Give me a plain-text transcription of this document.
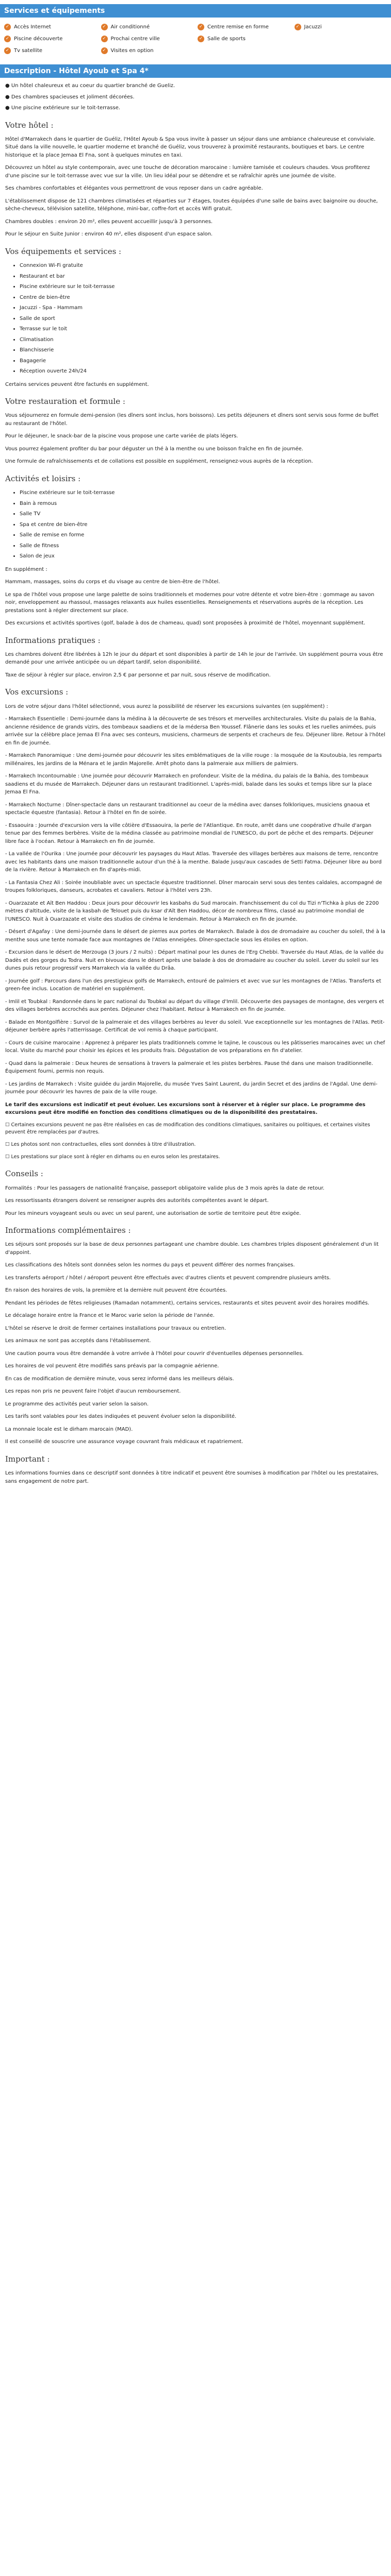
Services et équipements
✓ Accès Internet	✓ Air conditionné	✓ Centre remise en forme	✓ Jacuzzi
✓ Piscine découverte	✓ Prochai centre ville	✓ Salle de sports
✓ Tv satellite	✓ Visites en option
Description - Hôtel Ayoub et Spa 4*

● Un hôtel chaleureux et au coeur du quartier branché de Gueliz.

● Des chambres spacieuses et joliment décorées.

● Une piscine extérieure sur le toit-terrasse.

Votre hôtel :

Hôtel d'Marrakech dans le quartier de Guéliz, l'Hôtel Ayoub & Spa vous invite à passer un séjour dans une ambiance chaleureuse et conviviale. Situé dans la ville nouvelle, le quartier moderne et branché de Guéliz, vous trouverez à proximité restaurants, boutiques et bars. Le centre historique et la place Jemaa El Fna, sont à quelques minutes en taxi.

Découvrez un hôtel au style contemporain, avec une touche de décoration marocaine : lumière tamisée et couleurs chaudes. Vous profiterez d'une piscine sur le toit-terrasse avec vue sur la ville. Un lieu idéal pour se détendre et se rafraîchir après une journée de visite.

Ses chambres confortables et élégantes vous permettront de vous reposer dans un cadre agréable.

L'établissement dispose de 121 chambres climatisées et réparties sur 7 étages, toutes équipées d'une salle de bains avec baignoire ou douche, sèche-cheveux, télévision satellite, téléphone, mini-bar, coffre-fort et accès Wifi gratuit.

Chambres doubles : environ 20 m², elles peuvent accueillir jusqu'à 3 personnes.

Pour le séjour en Suite Junior : environ 40 m², elles disposent d'un espace salon.

Vos équipements et services :
• Connexion Wi-Fi gratuite
• Restaurant et bar
• Piscine extérieure sur le toit-terrasse
• Centre de bien-être
• Jacuzzi - Spa - Hammam
• Salle de sport
• Terrasse sur le toit
• Climatisation
• Blanchisserie
• Bagagerie
• Réception ouverte 24h/24

Certains services peuvent être facturés en supplément.

Votre restauration et formule :

Vous séjournerez en formule demi-pension (les dîners sont inclus, hors boissons). Les petits déjeuners et dîners sont servis sous forme de buffet au restaurant de l'hôtel.

Pour le déjeuner, le snack-bar de la piscine vous propose une carte variée de plats légers.

Vous pourrez également profiter du bar pour déguster un thé à la menthe ou une boisson fraîche en fin de journée.

Une formule de rafraîchissements et de collations est possible en supplément, renseignez-vous auprès de la réception.

Activités et loisirs :
• Piscine extérieure sur le toit-terrasse
• Bain à remous
• Salle TV
• Spa et centre de bien-être
• Salle de remise en forme
• Salle de fitness
• Salon de jeux

En supplément :

Hammam, massages, soins du corps et du visage au centre de bien-être de l'hôtel.

Le spa de l'hôtel vous propose une large palette de soins traditionnels et modernes pour votre détente et votre bien-être : gommage au savon noir, enveloppement au rhassoul, massages relaxants aux huiles essentielles. Renseignements et réservations auprès de la réception. Les prestations sont à régler directement sur place.

Des excursions et activités sportives (golf, balade à dos de chameau, quad) sont proposées à proximité de l'hôtel, moyennant supplément.

Informations pratiques :

Les chambres doivent être libérées à 12h le jour du départ et sont disponibles à partir de 14h le jour de l'arrivée. Un supplément pourra vous être demandé pour une arrivée anticipée ou un départ tardif, selon disponibilité.

Taxe de séjour à régler sur place, environ 2,5 € par personne et par nuit, sous réserve de modification.

Vos excursions :

Lors de votre séjour dans l'hôtel sélectionné, vous aurez la possibilité de réserver les excursions suivantes (en supplément) :

- Marrakech Essentielle : Demi-journée dans la médina à la découverte de ses trésors et merveilles architecturales. Visite du palais de la Bahia, ancienne résidence de grands vizirs, des tombeaux saadiens et de la médersa Ben Youssef. Flânerie dans les souks et les ruelles animées, puis arrivée sur la célèbre place Jemaa El Fna avec ses conteurs, musiciens, charmeurs de serpents et cracheurs de feu. Déjeuner libre. Retour à l'hôtel en fin de journée.

- Marrakech Panoramique : Une demi-journée pour découvrir les sites emblématiques de la ville rouge : la mosquée de la Koutoubia, les remparts millénaires, les jardins de la Ménara et le jardin Majorelle. Arrêt photo dans la palmeraie aux milliers de palmiers.

- Marrakech Incontournable : Une journée pour découvrir Marrakech en profondeur. Visite de la médina, du palais de la Bahia, des tombeaux saadiens et du musée de Marrakech. Déjeuner dans un restaurant traditionnel. L'après-midi, balade dans les souks et temps libre sur la place Jemaa El Fna.

- Marrakech Nocturne : Dîner-spectacle dans un restaurant traditionnel au coeur de la médina avec danses folkloriques, musiciens gnaoua et spectacle équestre (fantasia). Retour à l'hôtel en fin de soirée.

- Essaouira : Journée d'excursion vers la ville côtière d'Essaouira, la perle de l'Atlantique. En route, arrêt dans une coopérative d'huile d'argan tenue par des femmes berbères. Visite de la médina classée au patrimoine mondial de l'UNESCO, du port de pêche et des remparts. Déjeuner libre face à l'océan. Retour à Marrakech en fin de journée.

- La vallée de l'Ourika : Une journée pour découvrir les paysages du Haut Atlas. Traversée des villages berbères aux maisons de terre, rencontre avec les habitants dans une maison traditionnelle autour d'un thé à la menthe. Balade jusqu'aux cascades de Setti Fatma. Déjeuner libre au bord de la rivière. Retour à Marrakech en fin d'après-midi.

- La Fantasia Chez Ali : Soirée inoubliable avec un spectacle équestre traditionnel. Dîner marocain servi sous des tentes caïdales, accompagné de troupes folkloriques, danseurs, acrobates et cavaliers. Retour à l'hôtel vers 23h.

- Ouarzazate et Aït Ben Haddou : Deux jours pour découvrir les kasbahs du Sud marocain. Franchissement du col du Tizi n'Tichka à plus de 2200 mètres d'altitude, visite de la kasbah de Telouet puis du ksar d'Aït Ben Haddou, décor de nombreux films, classé au patrimoine mondial de l'UNESCO. Nuit à Ouarzazate et visite des studios de cinéma le lendemain. Retour à Marrakech en fin de journée.

- Désert d'Agafay : Une demi-journée dans le désert de pierres aux portes de Marrakech. Balade à dos de dromadaire au coucher du soleil, thé à la menthe sous une tente nomade face aux montagnes de l'Atlas enneigées. Dîner-spectacle sous les étoiles en option.

- Excursion dans le désert de Merzouga (3 jours / 2 nuits) : Départ matinal pour les dunes de l'Erg Chebbi. Traversée du Haut Atlas, de la vallée du Dadès et des gorges du Todra. Nuit en bivouac dans le désert après une balade à dos de dromadaire au coucher du soleil. Lever du soleil sur les dunes puis retour progressif vers Marrakech via la vallée du Drâa.

- Journée golf : Parcours dans l'un des prestigieux golfs de Marrakech, entouré de palmiers et avec vue sur les montagnes de l'Atlas. Transferts et green-fee inclus. Location de matériel en supplément.

- Imlil et Toubkal : Randonnée dans le parc national du Toubkal au départ du village d'Imlil. Découverte des paysages de montagne, des vergers et des villages berbères accrochés aux pentes. Déjeuner chez l'habitant. Retour à Marrakech en fin de journée.

- Balade en Montgolfière : Survol de la palmeraie et des villages berbères au lever du soleil. Vue exceptionnelle sur les montagnes de l'Atlas. Petit-déjeuner berbère après l'atterrissage. Certificat de vol remis à chaque participant.

- Cours de cuisine marocaine : Apprenez à préparer les plats traditionnels comme le tajine, le couscous ou les pâtisseries marocaines avec un chef local. Visite du marché pour choisir les épices et les produits frais. Dégustation de vos préparations en fin d'atelier.

- Quad dans la palmeraie : Deux heures de sensations à travers la palmeraie et les pistes berbères. Pause thé dans une maison traditionnelle. Équipement fourni, permis non requis.

- Les jardins de Marrakech : Visite guidée du jardin Majorelle, du musée Yves Saint Laurent, du jardin Secret et des jardins de l'Agdal. Une demi-journée pour découvrir les havres de paix de la ville rouge.

Le tarif des excursions est indicatif et peut évoluer. Les excursions sont à réserver et à régler sur place. Le programme des excursions peut être modifié en fonction des conditions climatiques ou de la disponibilité des prestataires.

☐ Certaines excursions peuvent ne pas être réalisées en cas de modification des conditions climatiques, sanitaires ou politiques, et certaines visites peuvent être remplacées par d'autres.

☐ Les photos sont non contractuelles, elles sont données à titre d'illustration.

☐ Les prestations sur place sont à régler en dirhams ou en euros selon les prestataires.

Conseils :

Formalités : Pour les passagers de nationalité française, passeport obligatoire valide plus de 3 mois après la date de retour.

Les ressortissants étrangers doivent se renseigner auprès des autorités compétentes avant le départ.

Pour les mineurs voyageant seuls ou avec un seul parent, une autorisation de sortie de territoire peut être exigée.

Informations complémentaires :

Les séjours sont proposés sur la base de deux personnes partageant une chambre double. Les chambres triples disposent généralement d'un lit d'appoint.

Les classifications des hôtels sont données selon les normes du pays et peuvent différer des normes françaises.

Les transferts aéroport / hôtel / aéroport peuvent être effectués avec d'autres clients et peuvent comprendre plusieurs arrêts.

En raison des horaires de vols, la première et la dernière nuit peuvent être écourtées.

Pendant les périodes de fêtes religieuses (Ramadan notamment), certains services, restaurants et sites peuvent avoir des horaires modifiés.

Le décalage horaire entre la France et le Maroc varie selon la période de l'année.

L'hôtel se réserve le droit de fermer certaines installations pour travaux ou entretien.

Les animaux ne sont pas acceptés dans l'établissement.

Une caution pourra vous être demandée à votre arrivée à l'hôtel pour couvrir d'éventuelles dépenses personnelles.

Les horaires de vol peuvent être modifiés sans préavis par la compagnie aérienne.

En cas de modification de dernière minute, vous serez informé dans les meilleurs délais.

Les repas non pris ne peuvent faire l'objet d'aucun remboursement.

Le programme des activités peut varier selon la saison.

Les tarifs sont valables pour les dates indiquées et peuvent évoluer selon la disponibilité.

La monnaie locale est le dirham marocain (MAD).

Il est conseillé de souscrire une assurance voyage couvrant frais médicaux et rapatriement.

Important :

Les informations fournies dans ce descriptif sont données à titre indicatif et peuvent être soumises à modification par l'hôtel ou les prestataires, sans engagement de notre part.
